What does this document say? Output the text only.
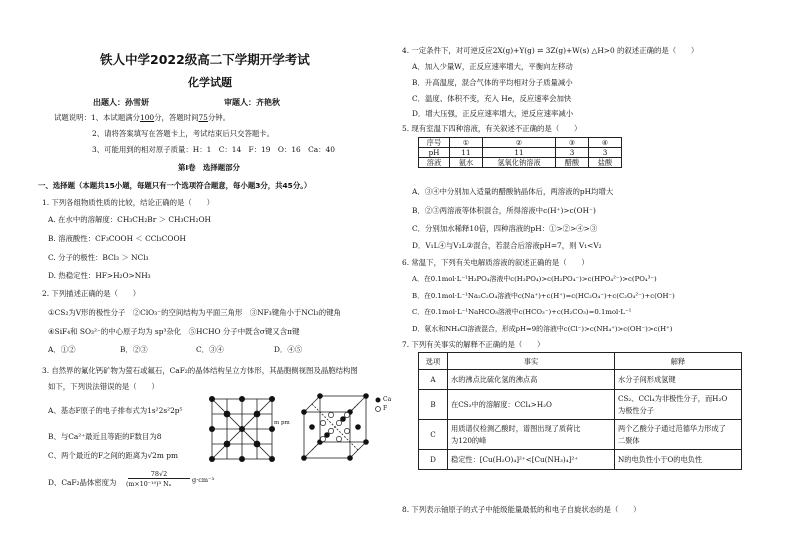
铁人中学2022级高二下学期开学考试
化学试题
出题人：孙雪妍	审题人：齐艳秋
试题说明：1、本试题满分100分，答题时间75分钟。
2、请将答案填写在答题卡上，考试结束后只交答题卡。
3、可能用到的相对原子质量：H：1　C：14　F：19　O：16　Ca：40
第Ⅰ卷　选择题部分
一、选择题（本题共15小题，每题只有一个选项符合题意，每小题3分，共45分。）
1. 下列各组物质性质的比较，结论正确的是（　　）
A. 在水中的溶解度：CH₃CH₂Br ＞ CH₃CH₂OH
B. 溶液酸性：CF₃COOH ＜ CCl₃COOH
C. 分子的极性：BCl₃ ＞ NCl₃
D. 热稳定性：HF>H₂O>NH₃
2. 下列描述正确的是（　　）
①CS₂为V形的极性分子　②ClO₃⁻的空间结构为平面三角形　③NF₃键角小于NCl₃的键角
④SiF₄和 SO₃²⁻的中心原子均为 sp³杂化　⑤HCHO 分子中既含σ键又含π键
A．①②	B．②③	C．③④	D．④⑤
3. 自然界的氟化钙矿物为萤石或氟石，CaF₂的晶体结构呈立方体形，其晶胞侧视图及晶胞结构图
如下，下列说法错误的是（　　）
A、基态F原子的电子排布式为1s²2s²2p⁵
B、与Ca²⁺最近且等距的F数目为8
C、两个最近的F之间的距离为√2m pm
D、CaF₂晶体密度为
78√2
(m×10⁻¹⁰)³ Nₐ
g·cm⁻³
m pm
Ca
F
4. 一定条件下，对可逆反应2X(g)+Y(g) ⇌ 3Z(g)+W(s) △H>0 的叙述正确的是（　　）
A．加入少量W，正反应速率增大，平衡向左移动
B．升高温度，混合气体的平均相对分子质量减小
C．温度、体积不变，充入 He，反应速率会加快
D．增大压强，正反应速率增大，逆反应速率减小
5. 现有室温下四种溶液，有关叙述不正确的是（　　）
序号	①	②	③	④
pH	11	11	3	3
溶液	氨水	氢氧化钠溶液	醋酸	盐酸
A．③④中分别加入适量的醋酸钠晶体后，两溶液的pH均增大
B．②③两溶液等体积混合，所得溶液中c(H⁺)>c(OH⁻)
C．分别加水稀释10倍，四种溶液的pH：①>②>④>③
D．V₁L④与V₂L②混合，若混合后溶液pH=7，则 V₁<V₂
6. 常温下，下列有关电解质溶液的叙述正确的是（　　）
A．在0.1mol·L⁻¹H₃PO₄溶液中c(H₃PO₄)>c(H₂PO₄⁻)>c(HPO₄²⁻)>c(PO₄³⁻)
B．在0.1mol·L⁻¹Na₂C₂O₄溶液中c(Na⁺)+c(H⁺)=c(HC₂O₄⁻)+c(C₂O₄²⁻)+c(OH⁻)
C．在0.1mol·L⁻¹NaHCO₃溶液中c(HCO₃⁻)+c(H₂CO₃)=0.1mol·L⁻¹
D．氨水和NH₄Cl溶液混合，形成pH=9的溶液中c(Cl⁻)>c(NH₄⁺)>c(OH⁻)>c(H⁺)
7. 下列有关事实的解释不正确的是（　　）
选项	事实	解释
A	水的沸点比硫化氢的沸点高	水分子间形成氢键
B	在CS₂中的溶解度：CCl₄>H₂O	CS₂、CCl₄为非极性分子，而H₂O
为极性分子
C	用质谱仪检测乙酸时，谱图出现了质荷比
为120的峰	两个乙酸分子通过范德华力形成了
二聚体
D	稳定性：[Cu(H₂O)₄]²⁺<[Cu(NH₃)₄]²⁺	N的电负性小于O的电负性
8. 下列表示铀原子的式子中能级能量最低的和电子自旋状态的是（　　）
